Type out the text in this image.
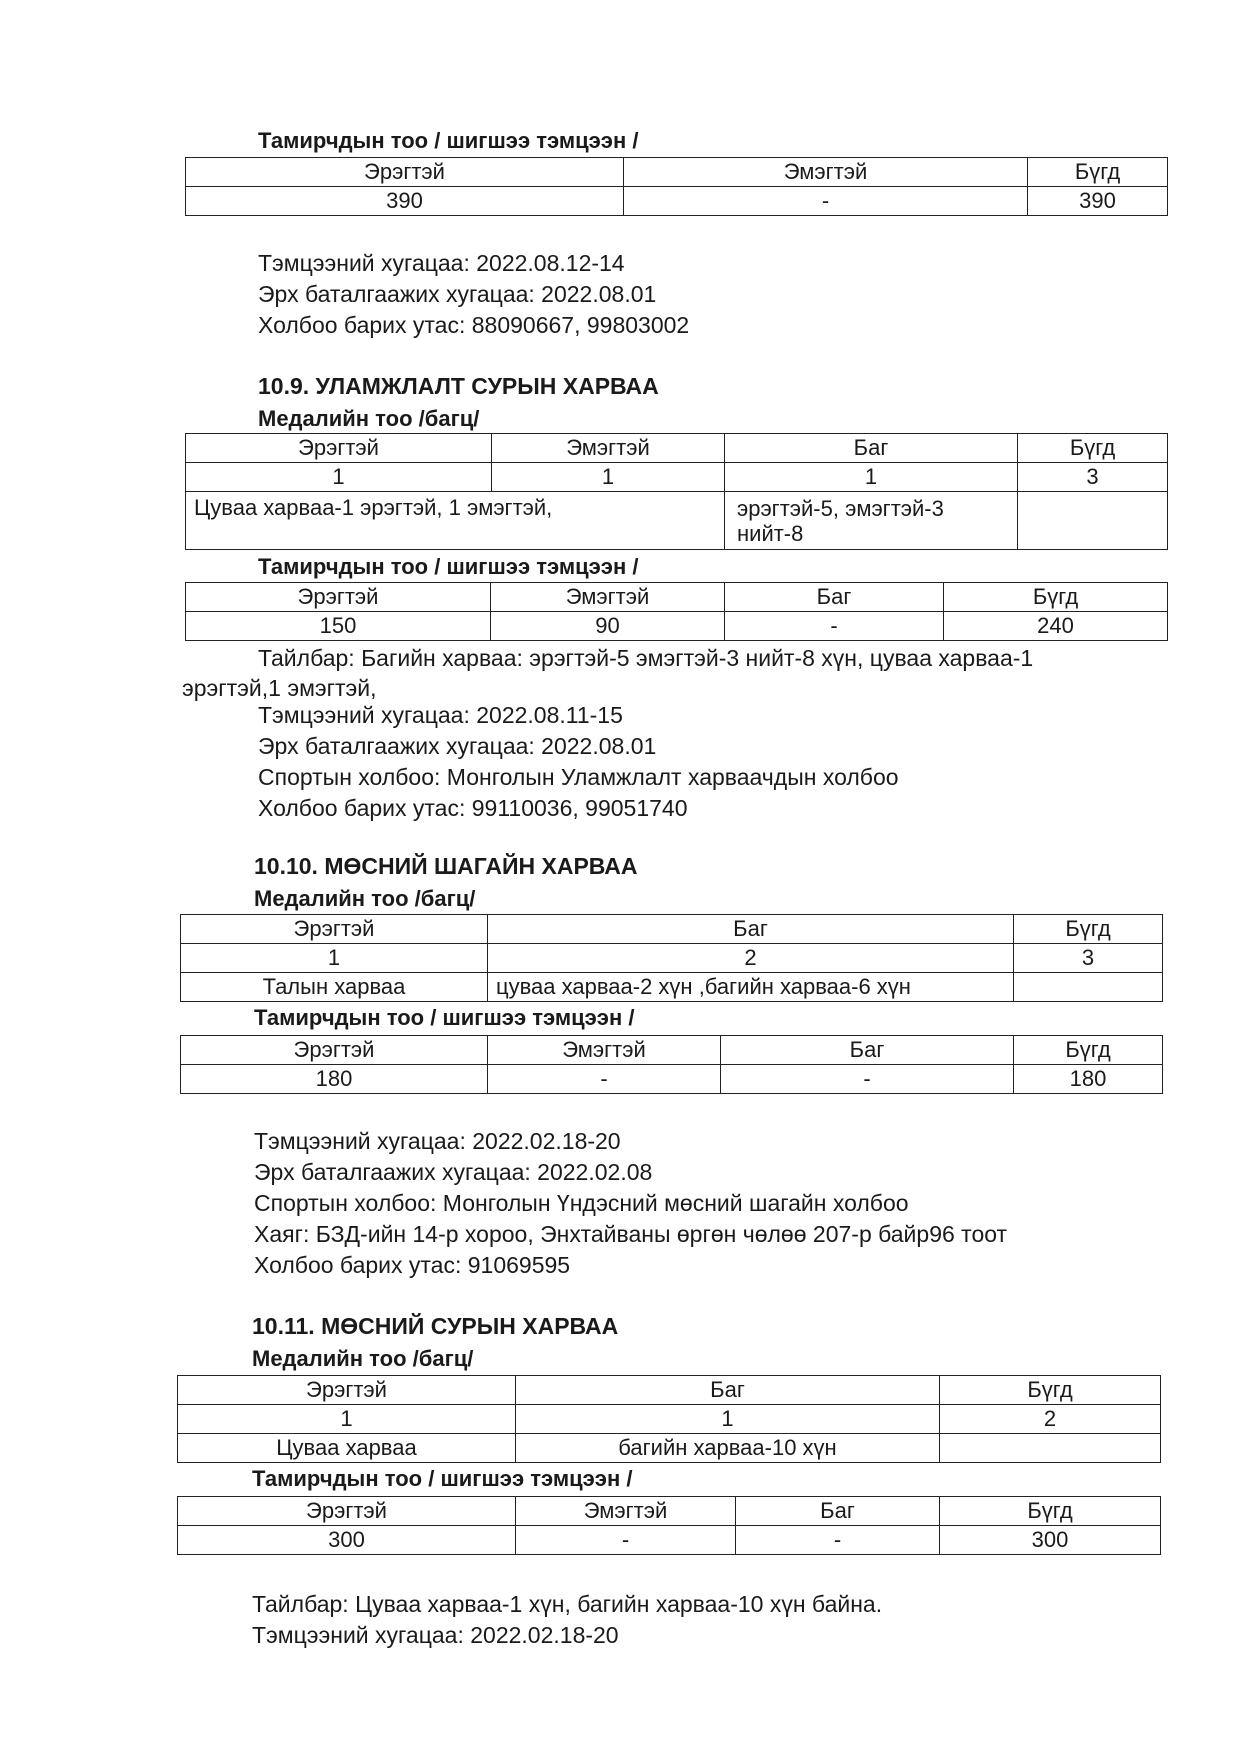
Тамирчдын тоо / шигшээ тэмцээн /
Эрэгтэй	Эмэгтэй	Бүгд
390	-	390
Тэмцээний хугацаа: 2022.08.12-14
Эрх баталгаажих хугацаа: 2022.08.01
Холбоо барих утас: 88090667, 99803002
10.9. УЛАМЖЛАЛТ СУРЫН ХАРВАА
Медалийн тоо /багц/
Эрэгтэй	Эмэгтэй	Баг	Бүгд
1	1	1	3
Цуваа харваа-1 эрэгтэй, 1 эмэгтэй,		эрэгтэй-5, эмэгтэй-3
нийт-8	

Тамирчдын тоо / шигшээ тэмцээн /
Эрэгтэй	Эмэгтэй	Баг	Бүгд
150	90	-	240
Тайлбар: Багийн харваа: эрэгтэй-5 эмэгтэй-3 нийт-8 хүн, цуваа харваа-1
эрэгтэй,1 эмэгтэй,
Тэмцээний хугацаа: 2022.08.11-15
Эрх баталгаажих хугацаа: 2022.08.01
Спортын холбоо: Монголын Уламжлалт харваачдын холбоо
Холбоо барих утас: 99110036, 99051740
10.10. МӨСНИЙ ШАГАЙН ХАРВАА
Медалийн тоо /багц/
Эрэгтэй	Баг	Бүгд
1	2	3
Талын харваа	цуваа харваа-2 хүн ,багийн харваа-6 хүн	
Тамирчдын тоо / шигшээ тэмцээн /
Эрэгтэй	Эмэгтэй	Баг	Бүгд
180	-	-	180
Тэмцээний хугацаа: 2022.02.18-20
Эрх баталгаажих хугацаа: 2022.02.08
Спортын холбоо: Монголын Үндэсний мөсний шагайн холбоо
Хаяг: БЗД-ийн 14-р хороо, Энхтайваны өргөн чөлөө 207-р байр96 тоот
Холбоо барих утас: 91069595
10.11. МӨСНИЙ СУРЫН ХАРВАА
Медалийн тоо /багц/
Эрэгтэй	Баг	Бүгд
1	1	2
Цуваа харваа	багийн харваа-10 хүн	
Тамирчдын тоо / шигшээ тэмцээн /
Эрэгтэй	Эмэгтэй	Баг	Бүгд
300	-	-	300
Тайлбар: Цуваа харваа-1 хүн, багийн харваа-10 хүн байна.
Тэмцээний хугацаа: 2022.02.18-20
